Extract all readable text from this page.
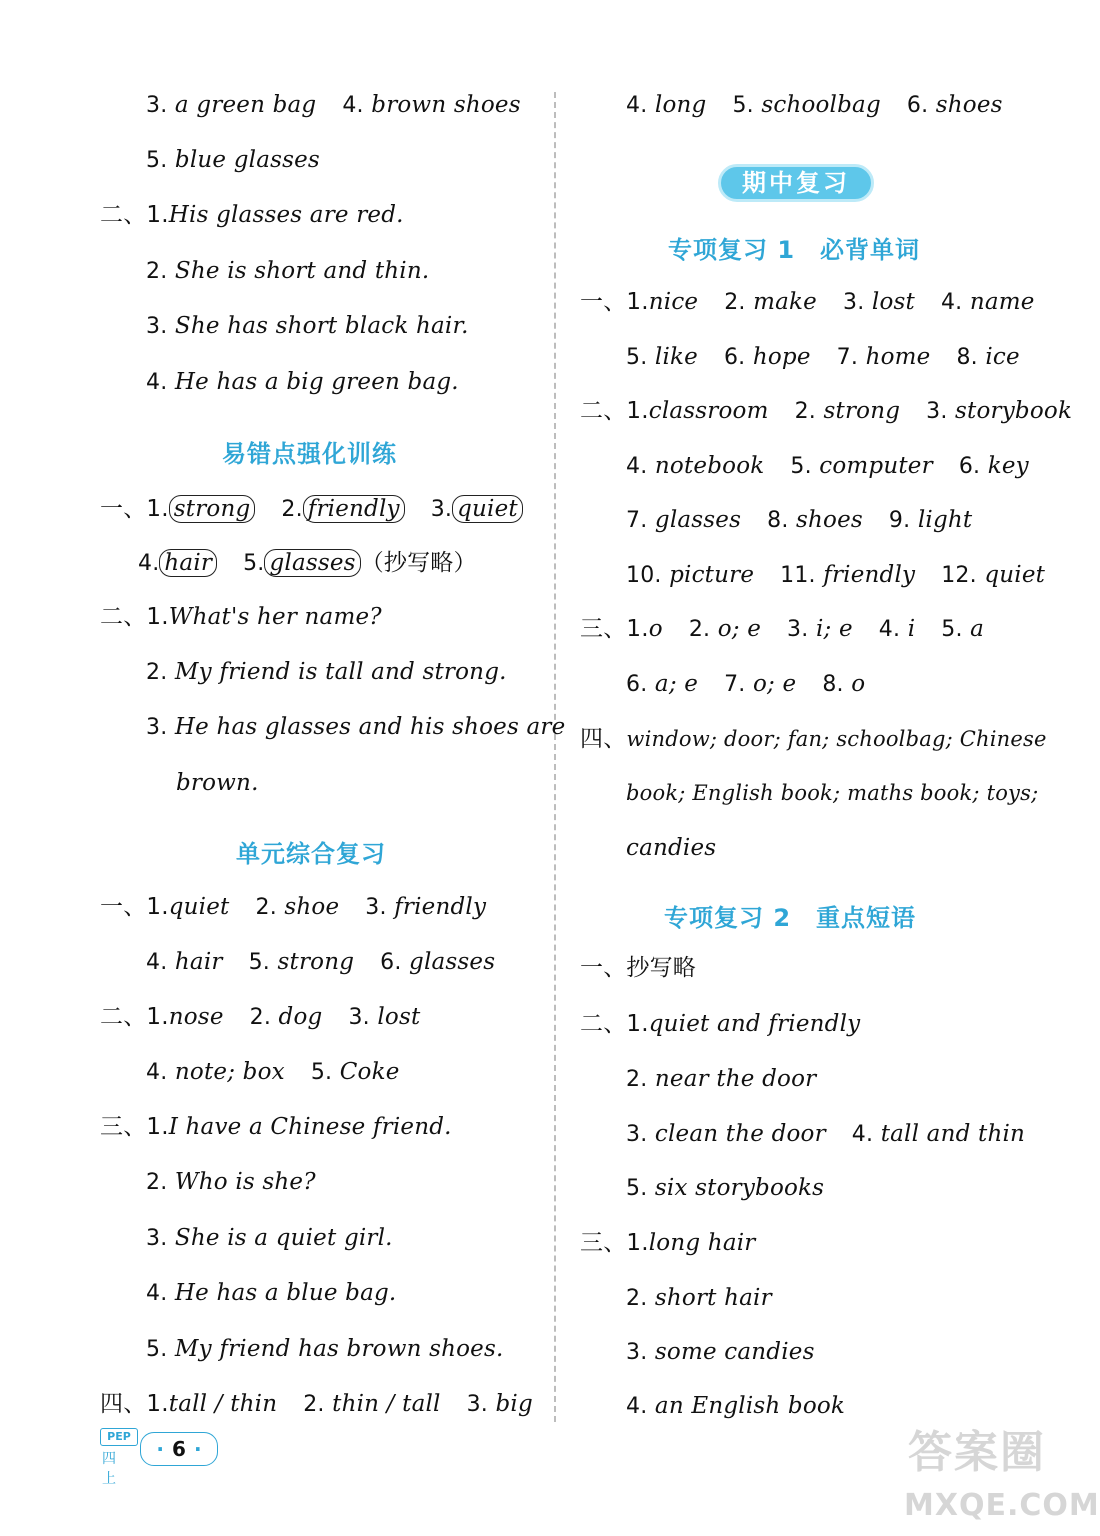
3. a green bag 4. brown shoes
5. blue glasses
二、1.His glasses are red.
2. She is short and thin.
3. She has short black hair.
4. He has a big green bag.
易错点强化训练
一、1. strong 2. friendly 3. quiet
4. hair 5. glasses （抄写略）
二、1.What's her name?
2. My friend is tall and strong.
3. He has glasses and his shoes are
brown.
单元综合复习
一、1.quiet 2. shoe 3. friendly
4. hair 5. strong 6. glasses
二、1.nose 2. dog 3. lost
4. note; box 5. Coke
三、1.I have a Chinese friend.
2. Who is she?
3. She is a quiet girl.
4. He has a blue bag.
5. My friend has brown shoes.
四、1.tall / thin 2. thin / tall 3. big
4. long 5. schoolbag 6. shoes
期中复习
专项复习 1　必背单词
一、1.nice 2. make 3. lost 4. name
5. like 6. hope 7. home 8. ice
二、1.classroom 2. strong 3. storybook
4. notebook 5. computer 6. key
7. glasses 8. shoes 9. light
10. picture 11. friendly 12. quiet
三、1.o 2. o; e 3. i; e 4. i 5. a
6. a; e 7. o; e 8. o
四、window; door; fan; schoolbag; Chinese
book; English book; maths book; toys;
candies
专项复习 2　重点短语
一、抄写略
二、1.quiet and friendly
2. near the door
3. clean the door 4. tall and thin
5. six storybooks
三、1.long hair
2. short hair
3. some candies
4. an English book
PEP
四上
· 6 ·	答案圈
MXQE.COM
